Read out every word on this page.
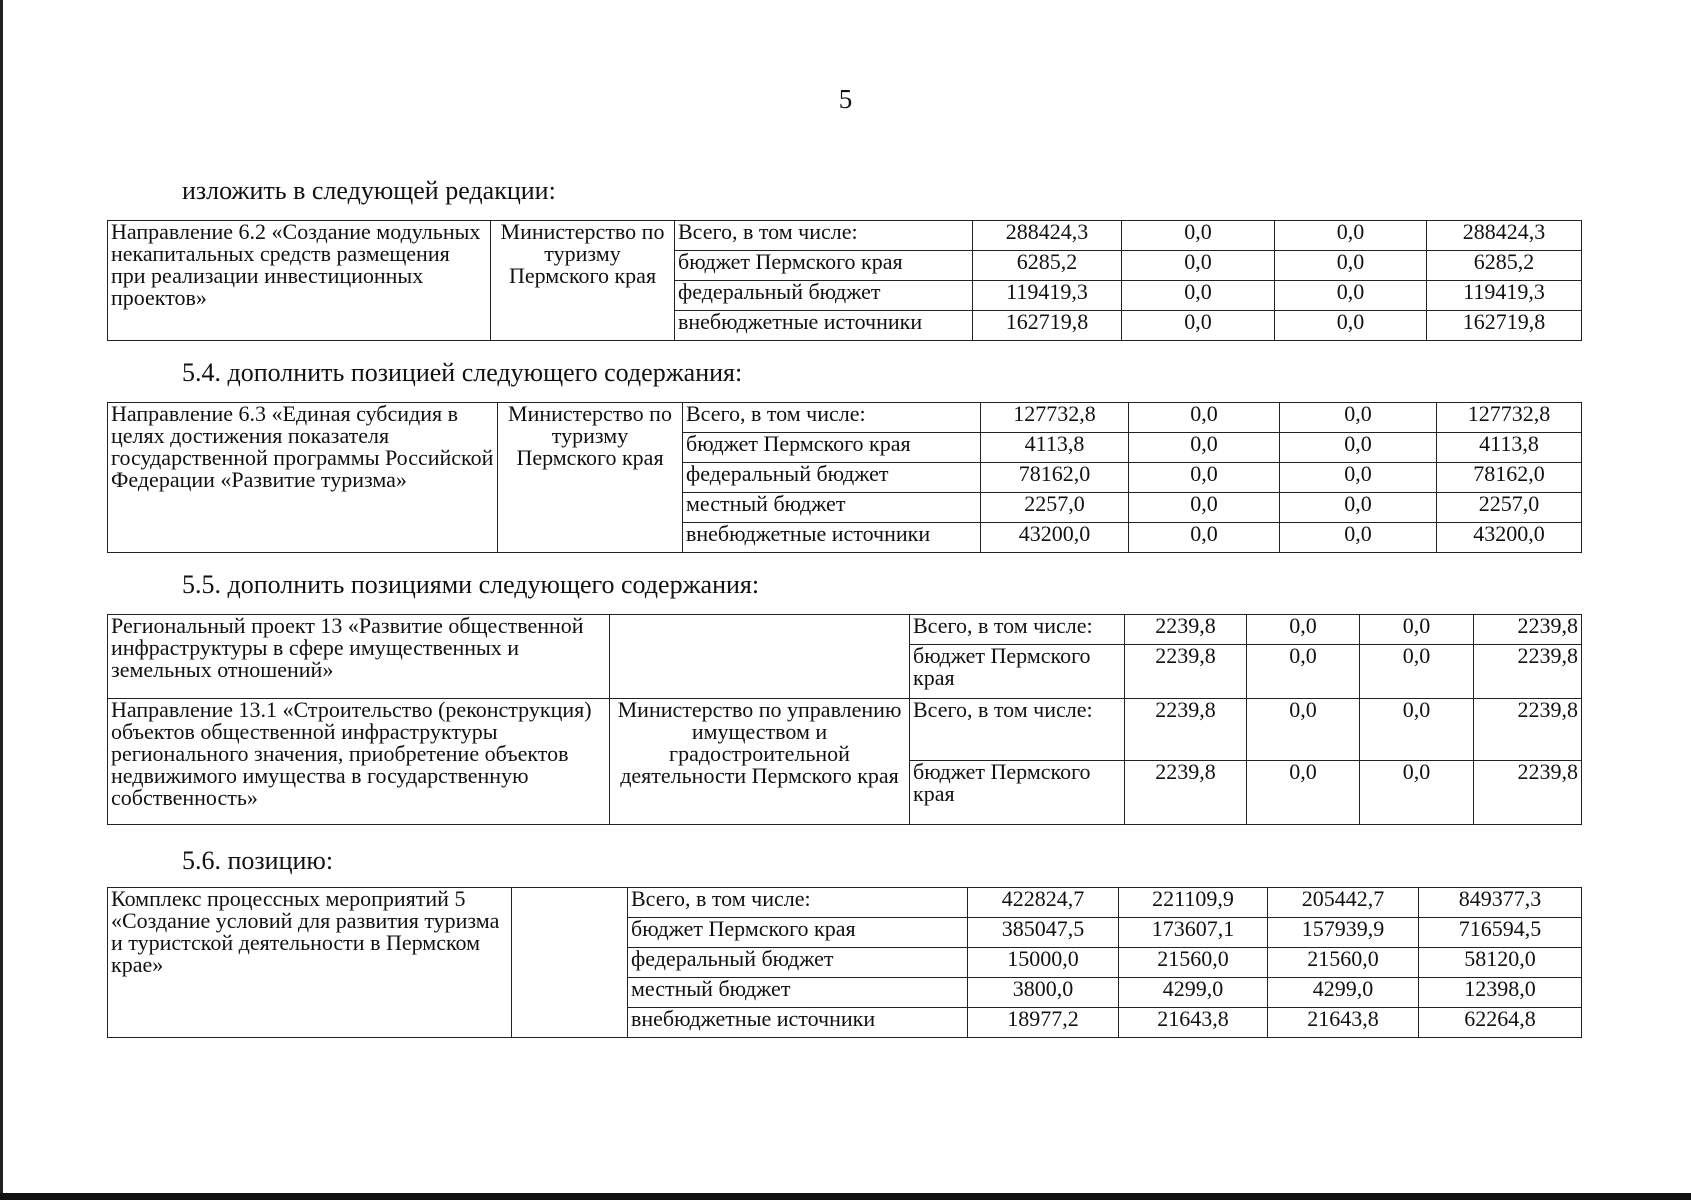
5
изложить в следующей редакции:
Направление 6.2 «Создание модульных некапитальных средств размещения при реализации инвестиционных проектов»	Министерство по туризму Пермского края	Всего, в том числе:	288424,3	0,0	0,0	288424,3
		бюджет Пермского края	6285,2	0,0	0,0	6285,2
		федеральный бюджет	119419,3	0,0	0,0	119419,3
		внебюджетные источники	162719,8	0,0	0,0	162719,8
5.4. дополнить позицией следующего содержания:
Направление 6.3 «Единая субсидия в целях достижения показателя государственной программы Российской Федерации «Развитие туризма»	Министерство по туризму Пермского края	Всего, в том числе:	127732,8	0,0	0,0	127732,8
		бюджет Пермского края	4113,8	0,0	0,0	4113,8
		федеральный бюджет	78162,0	0,0	0,0	78162,0
		местный бюджет	2257,0	0,0	0,0	2257,0
		внебюджетные источники	43200,0	0,0	0,0	43200,0
5.5. дополнить позициями следующего содержания:
Региональный проект 13 «Развитие общественной инфраструктуры в сфере имущественных и земельных отношений»		Всего, в том числе:	2239,8	0,0	0,0	2239,8
		бюджет Пермского края	2239,8	0,0	0,0	2239,8
Направление 13.1 «Строительство (реконструкция) объектов общественной инфраструктуры регионального значения, приобретение объектов недвижимого имущества в государственную собственность»	Министерство по управлению имуществом и градостроительной деятельности Пермского края	Всего, в том числе:	2239,8	0,0	0,0	2239,8
		бюджет Пермского края	2239,8	0,0	0,0	2239,8
5.6. позицию:
Комплекс процессных мероприятий 5 «Создание условий для развития туризма и туристской деятельности в Пермском крае»		Всего, в том числе:	422824,7	221109,9	205442,7	849377,3
		бюджет Пермского края	385047,5	173607,1	157939,9	716594,5
		федеральный бюджет	15000,0	21560,0	21560,0	58120,0
		местный бюджет	3800,0	4299,0	4299,0	12398,0
		внебюджетные источники	18977,2	21643,8	21643,8	62264,8
